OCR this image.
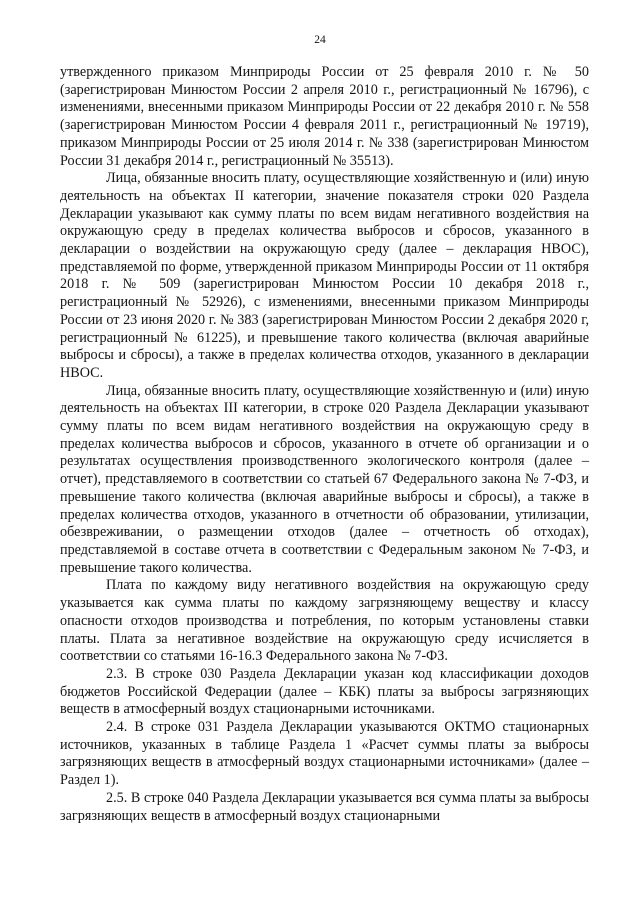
24

утвержденного приказом Минприроды России от 25 февраля 2010 г. № 50 (зарегистрирован Минюстом России 2 апреля 2010 г., регистрационный № 16796), с изменениями, внесенными приказом Минприроды России от 22 декабря 2010 г. № 558 (зарегистрирован Минюстом России 4 февраля 2011 г., регистрационный № 19719), приказом Минприроды России от 25 июля 2014 г. № 338 (зарегистрирован Минюстом России 31 декабря 2014 г., регистрационный № 35513).

Лица, обязанные вносить плату, осуществляющие хозяйственную и (или) иную деятельность на объектах II категории, значение показателя строки 020 Раздела Декларации указывают как сумму платы по всем видам негативного воздействия на окружающую среду в пределах количества выбросов и сбросов, указанного в декларации о воздействии на окружающую среду (далее – декларация НВОС), представляемой по форме, утвержденной приказом Минприроды России от 11 октября 2018 г. № 509 (зарегистрирован Минюстом России 10 декабря 2018 г., регистрационный № 52926), с изменениями, внесенными приказом Минприроды России от 23 июня 2020 г. № 383 (зарегистрирован Минюстом России 2 декабря 2020 г, регистрационный № 61225), и превышение такого количества (включая аварийные выбросы и сбросы), а также в пределах количества отходов, указанного в декларации НВОС.

Лица, обязанные вносить плату, осуществляющие хозяйственную и (или) иную деятельность на объектах III категории, в строке 020 Раздела Декларации указывают сумму платы по всем видам негативного воздействия на окружающую среду в пределах количества выбросов и сбросов, указанного в отчете об организации и о результатах осуществления производственного экологического контроля (далее – отчет), представляемого в соответствии со статьей 67 Федерального закона № 7-ФЗ, и превышение такого количества (включая аварийные выбросы и сбросы), а также в пределах количества отходов, указанного в отчетности об образовании, утилизации, обезвреживании, о размещении отходов (далее – отчетность об отходах), представляемой в составе отчета в соответствии с Федеральным законом № 7-ФЗ, и превышение такого количества.

Плата по каждому виду негативного воздействия на окружающую среду указывается как сумма платы по каждому загрязняющему веществу и классу опасности отходов производства и потребления, по которым установлены ставки платы. Плата за негативное воздействие на окружающую среду исчисляется в соответствии со статьями 16-16.3 Федерального закона № 7-ФЗ.

2.3. В строке 030 Раздела Декларации указан код классификации доходов бюджетов Российской Федерации (далее – КБК) платы за выбросы загрязняющих веществ в атмосферный воздух стационарными источниками.

2.4. В строке 031 Раздела Декларации указываются ОКТМО стационарных источников, указанных в таблице Раздела 1 «Расчет суммы платы за выбросы загрязняющих веществ в атмосферный воздух стационарными источниками» (далее – Раздел 1).

2.5. В строке 040 Раздела Декларации указывается вся сумма платы за выбросы загрязняющих веществ в атмосферный воздух стационарными
